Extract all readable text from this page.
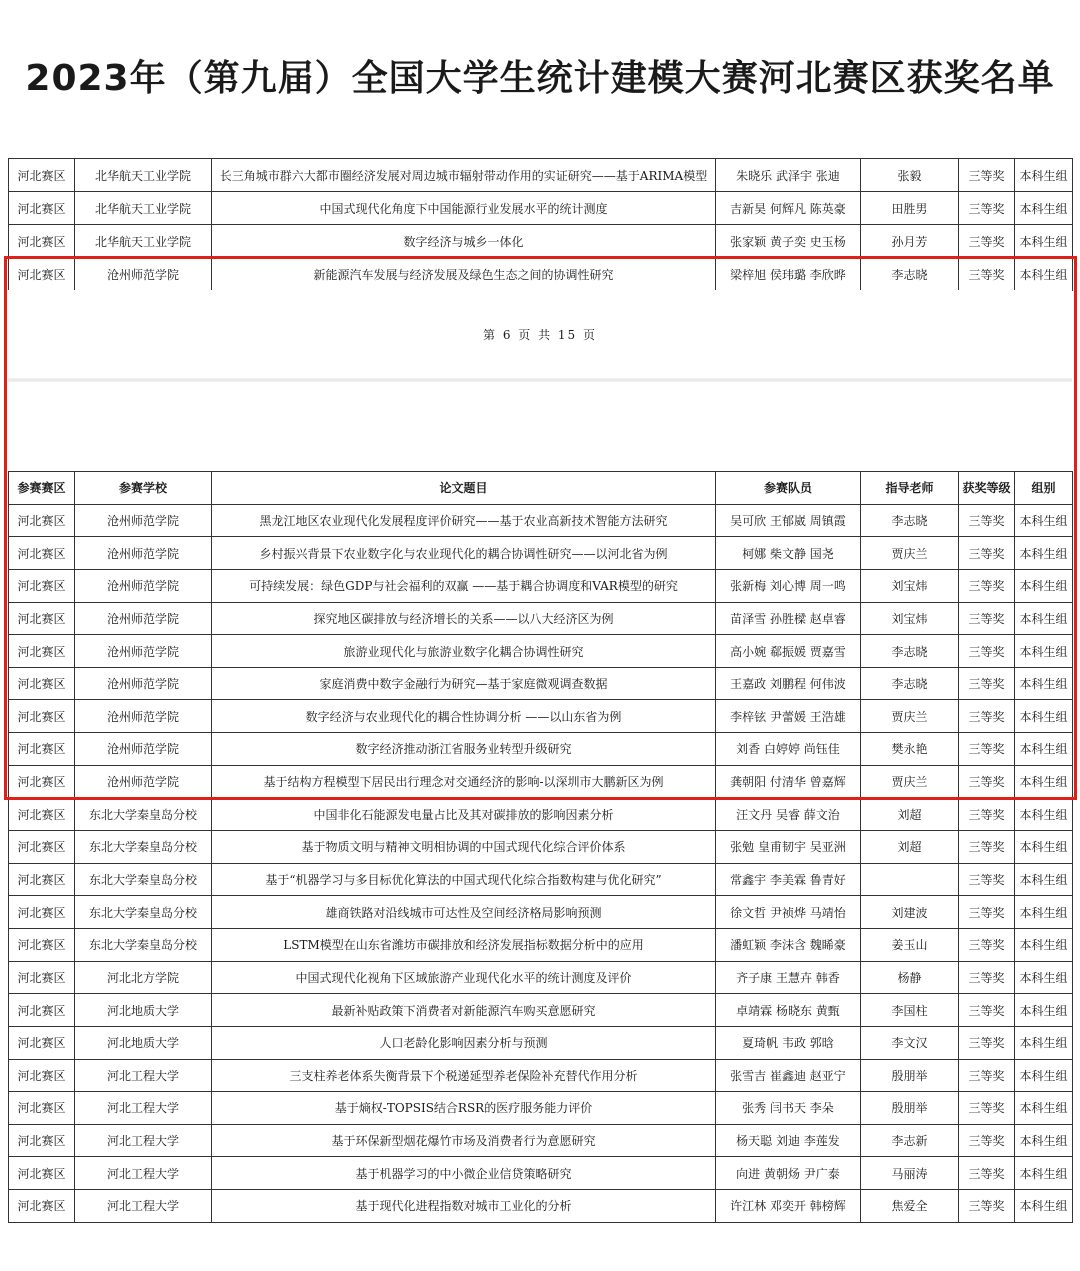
2023年（第九届）全国大学生统计建模大赛河北赛区获奖名单
河北赛区	北华航天工业学院	长三角城市群六大都市圈经济发展对周边城市辐射带动作用的实证研究——基于ARIMA模型	朱晓乐 武泽宇 张迪	张毅	三等奖	本科生组
河北赛区	北华航天工业学院	中国式现代化角度下中国能源行业发展水平的统计测度	吉新昊 何辉凡 陈英豪	田胜男	三等奖	本科生组
河北赛区	北华航天工业学院	数字经济与城乡一体化	张家颖 黄子奕 史玉杨	孙月芳	三等奖	本科生组
河北赛区	沧州师范学院	新能源汽车发展与经济发展及绿色生态之间的协调性研究	梁梓旭 侯玮璐 李欣晔	李志晓	三等奖	本科生组
第 6 页 共 15 页
参赛赛区	参赛学校	论文题目	参赛队员	指导老师	获奖等级	组别
河北赛区	沧州师范学院	黑龙江地区农业现代化发展程度评价研究——基于农业高新技术智能方法研究	吴可欣 王郁崴 周镇霞	李志晓	三等奖	本科生组
河北赛区	沧州师范学院	乡村振兴背景下农业数字化与农业现代化的耦合协调性研究——以河北省为例	柯娜 柴文静 国尧	贾庆兰	三等奖	本科生组
河北赛区	沧州师范学院	可持续发展：绿色GDP与社会福利的双赢 ——基于耦合协调度和VAR模型的研究	张新梅 刘心博 周一鸣	刘宝炜	三等奖	本科生组
河北赛区	沧州师范学院	探究地区碳排放与经济增长的关系——以八大经济区为例	苗泽雪 孙胜樑 赵卓睿	刘宝炜	三等奖	本科生组
河北赛区	沧州师范学院	旅游业现代化与旅游业数字化耦合协调性研究	高小婉 郗振媛 贾嘉雪	李志晓	三等奖	本科生组
河北赛区	沧州师范学院	家庭消费中数字金融行为研究—基于家庭微观调查数据	王嘉政 刘鹏程 何伟波	李志晓	三等奖	本科生组
河北赛区	沧州师范学院	数字经济与农业现代化的耦合性协调分析 ——以山东省为例	李梓铉 尹蕾媛 王浩雄	贾庆兰	三等奖	本科生组
河北赛区	沧州师范学院	数字经济推动浙江省服务业转型升级研究	刘香 白婷婷 尚钰佳	樊永艳	三等奖	本科生组
河北赛区	沧州师范学院	基于结构方程模型下居民出行理念对交通经济的影响-以深圳市大鹏新区为例	龚朝阳 付清华 曾嘉辉	贾庆兰	三等奖	本科生组
河北赛区	东北大学秦皇岛分校	中国非化石能源发电量占比及其对碳排放的影响因素分析	汪文丹 吴睿 薛文治	刘超	三等奖	本科生组
河北赛区	东北大学秦皇岛分校	基于物质文明与精神文明相协调的中国式现代化综合评价体系	张勉 皇甫韧宇 吴亚洲	刘超	三等奖	本科生组
河北赛区	东北大学秦皇岛分校	基于“机器学习与多目标优化算法的中国式现代化综合指数构建与优化研究”	常鑫宇 李美霖 鲁青好		三等奖	本科生组
河北赛区	东北大学秦皇岛分校	雄商铁路对沿线城市可达性及空间经济格局影响预测	徐文哲 尹祯烨 马靖怡	刘建波	三等奖	本科生组
河北赛区	东北大学秦皇岛分校	LSTM模型在山东省潍坊市碳排放和经济发展指标数据分析中的应用	潘虹颖 李沫含 魏睎豪	姜玉山	三等奖	本科生组
河北赛区	河北北方学院	中国式现代化视角下区域旅游产业现代化水平的统计测度及评价	齐子康 王慧卉 韩香	杨静	三等奖	本科生组
河北赛区	河北地质大学	最新补贴政策下消费者对新能源汽车购买意愿研究	卓靖霖 杨晓东 黄甄	李国柱	三等奖	本科生组
河北赛区	河北地质大学	人口老龄化影响因素分析与预测	夏琦帆 韦政 郭晗	李文汉	三等奖	本科生组
河北赛区	河北工程大学	三支柱养老体系失衡背景下个税递延型养老保险补充替代作用分析	张雪吉 崔鑫迪 赵亚宁	殷朋举	三等奖	本科生组
河北赛区	河北工程大学	基于熵权-TOPSIS结合RSR的医疗服务能力评价	张秀 闫书天 李朵	殷朋举	三等奖	本科生组
河北赛区	河北工程大学	基于环保新型烟花爆竹市场及消费者行为意愿研究	杨天聪 刘迪 李莲发	李志新	三等奖	本科生组
河北赛区	河北工程大学	基于机器学习的中小微企业信贷策略研究	向进 黄朝炀 尹广泰	马丽涛	三等奖	本科生组
河北赛区	河北工程大学	基于现代化进程指数对城市工业化的分析	许江林 邓奕开 韩榜辉	焦爱全	三等奖	本科生组
